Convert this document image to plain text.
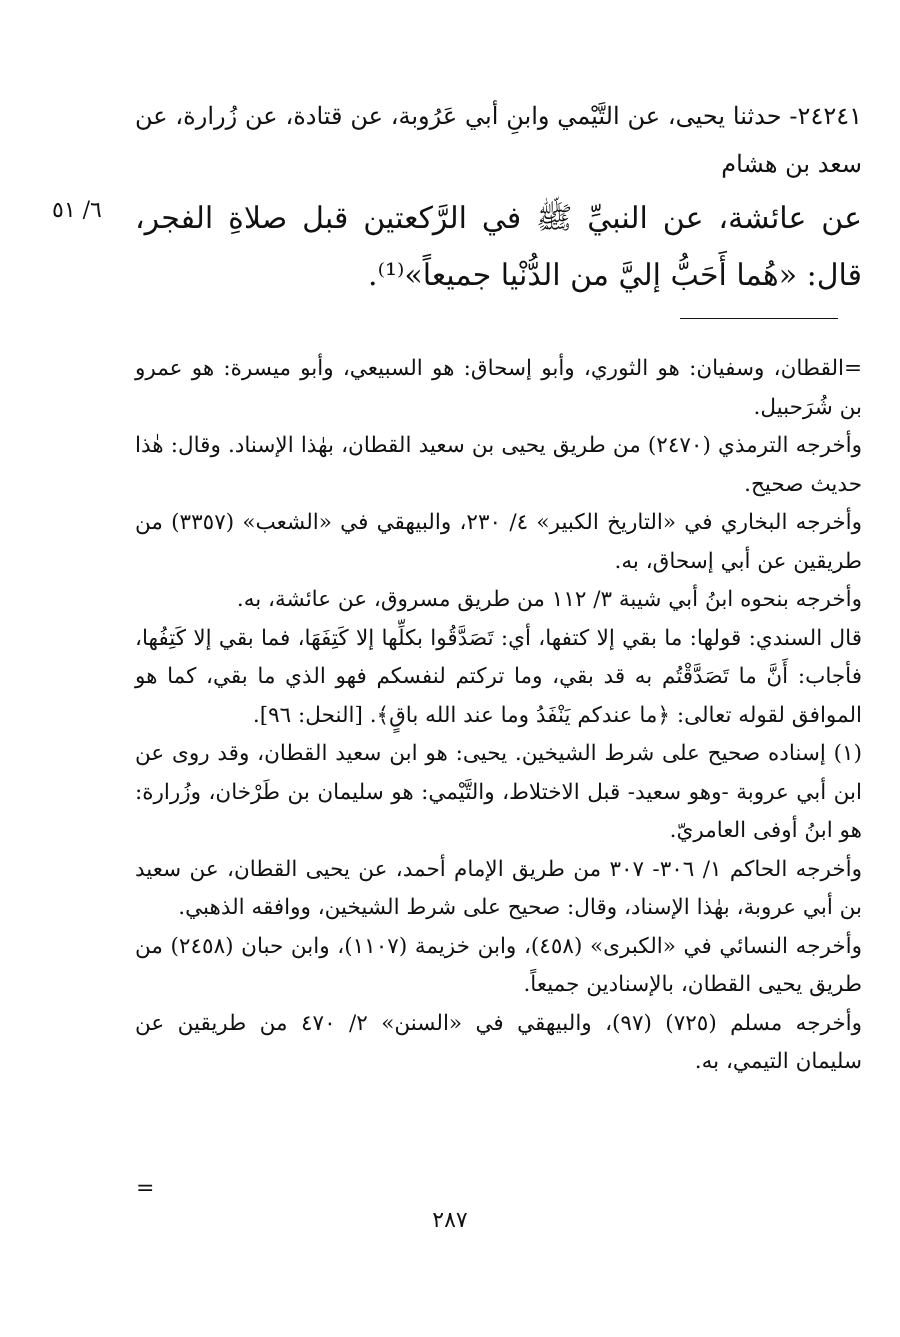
٢٤٢٤١- حدثنا يحيى، عن التَّيْمي وابنِ أبي عَرُوبة، عن قتادة، عن زُرارة، عن سعد بن هشام
عن عائشة، عن النبيِّ ﷺ في الرَّكعتين قبل صلاةِ الفجر، قال: «هُما أَحَبُّ إليَّ من الدُّنْيا جميعاً»⁽¹⁾.
٦/ ٥١

=القطان، وسفيان: هو الثوري، وأبو إسحاق: هو السبيعي، وأبو ميسرة: هو عمرو بن شُرَحبيل.

وأخرجه الترمذي (٢٤٧٠) من طريق يحيى بن سعيد القطان، بهٰذا الإسناد. وقال: هٰذا حديث صحيح.

وأخرجه البخاري في «التاريخ الكبير» ٤/ ٢٣٠، والبيهقي في «الشعب» (٣٣٥٧) من طريقين عن أبي إسحاق، به.

وأخرجه بنحوه ابنُ أبي شيبة ٣/ ١١٢ من طريق مسروق، عن عائشة، به.

قال السندي: قولها: ما بقي إلا كتفها، أي: تَصَدَّقُوا بكلِّها إلا كَتِفَهَا، فما بقي إلا كَتِفُها، فأجاب: أَنَّ ما تَصَدَّقْتُم به قد بقي، وما تركتم لنفسكم فهو الذي ما بقي، كما هو الموافق لقوله تعالى: ﴿ما عندكم يَنْفَدُ وما عند الله باقٍ﴾. [النحل: ٩٦].

(١) إسناده صحيح على شرط الشيخين. يحيى: هو ابن سعيد القطان، وقد روى عن ابن أبي عروبة -وهو سعيد- قبل الاختلاط، والتَّيْمي: هو سليمان بن طَرْخان، وزُرارة: هو ابنُ أوفى العامريّ.

وأخرجه الحاكم ١/ ٣٠٦- ٣٠٧ من طريق الإمام أحمد، عن يحيى القطان، عن سعيد بن أبي عروبة، بهٰذا الإسناد، وقال: صحيح على شرط الشيخين، ووافقه الذهبي.

وأخرجه النسائي في «الكبرى» (٤٥٨)، وابن خزيمة (١١٠٧)، وابن حبان (٢٤٥٨) من طريق يحيى القطان، بالإسنادين جميعاً.

وأخرجه مسلم (٧٢٥) (٩٧)، والبيهقي في «السنن» ٢/ ٤٧٠ من طريقين عن سليمان التيمي، به.

=
٢٨٧
